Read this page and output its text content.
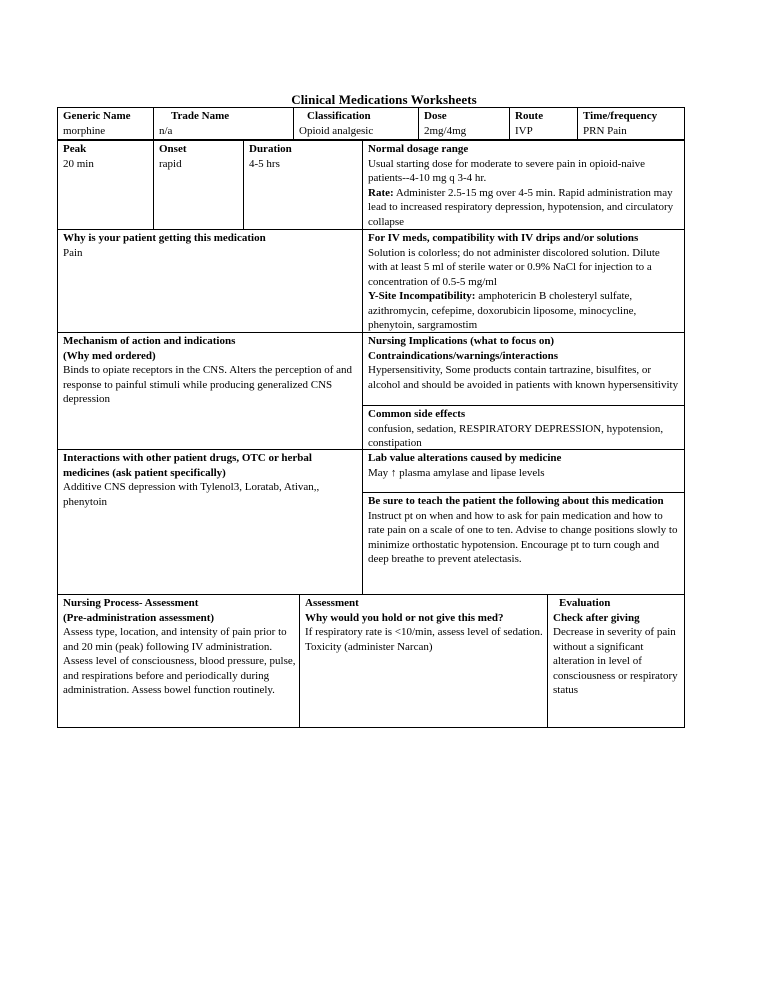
Clinical Medications Worksheets
Generic Name
morphine
Trade Name
n/a
Classification
Opioid analgesic
Dose
2mg/4mg
Route
IVP
Time/frequency
PRN Pain
Peak
20 min
Onset
rapid
Duration
4-5 hrs
Normal dosage range
Usual starting dose for moderate to severe pain in opioid-naive patients--4-10 mg q 3-4 hr.
Rate: Administer 2.5-15 mg over 4-5 min. Rapid administration may lead to increased respiratory depression, hypotension, and circulatory collapse
Why is your patient getting this medication
Pain
For IV meds, compatibility with IV drips and/or solutions
Solution is colorless; do not administer discolored solution. Dilute with at least 5 ml of sterile water or 0.9% NaCl for injection to a concentration of 0.5-5 mg/ml
Y-Site Incompatibility: amphotericin B cholesteryl sulfate, azithromycin, cefepime, doxorubicin liposome, minocycline, phenytoin, sargramostim
Mechanism of action and indications
(Why med ordered)
Binds to opiate receptors in the CNS. Alters the perception of and response to painful stimuli while producing generalized CNS depression
Nursing Implications (what to focus on)
Contraindications/warnings/interactions
Hypersensitivity, Some products contain tartrazine, bisulfites, or alcohol and should be avoided in patients with known hypersensitivity
Common side effects
confusion, sedation, RESPIRATORY DEPRESSION, hypotension, constipation
Interactions with other patient drugs, OTC or herbal medicines (ask patient specifically)
Additive CNS depression with Tylenol3, Loratab, Ativan,, phenytoin
Lab value alterations caused by medicine
May ↑ plasma amylase and lipase levels
Be sure to teach the patient the following about this medication
Instruct pt on when and how to ask for pain medication and how to rate pain on a scale of one to ten. Advise to change positions slowly to minimize orthostatic hypotension. Encourage pt to turn cough and deep breathe to prevent atelectasis.
Nursing Process- Assessment
(Pre-administration assessment)
Assess type, location, and intensity of pain prior to and 20 min (peak) following IV administration. Assess level of consciousness, blood pressure, pulse, and respirations before and periodically during administration. Assess bowel function routinely.
Assessment
Why would you hold or not give this med?
If respiratory rate is <10/min, assess level of sedation. Toxicity (administer Narcan)
Evaluation
Check after giving
Decrease in severity of pain without a significant alteration in level of consciousness or respiratory status
